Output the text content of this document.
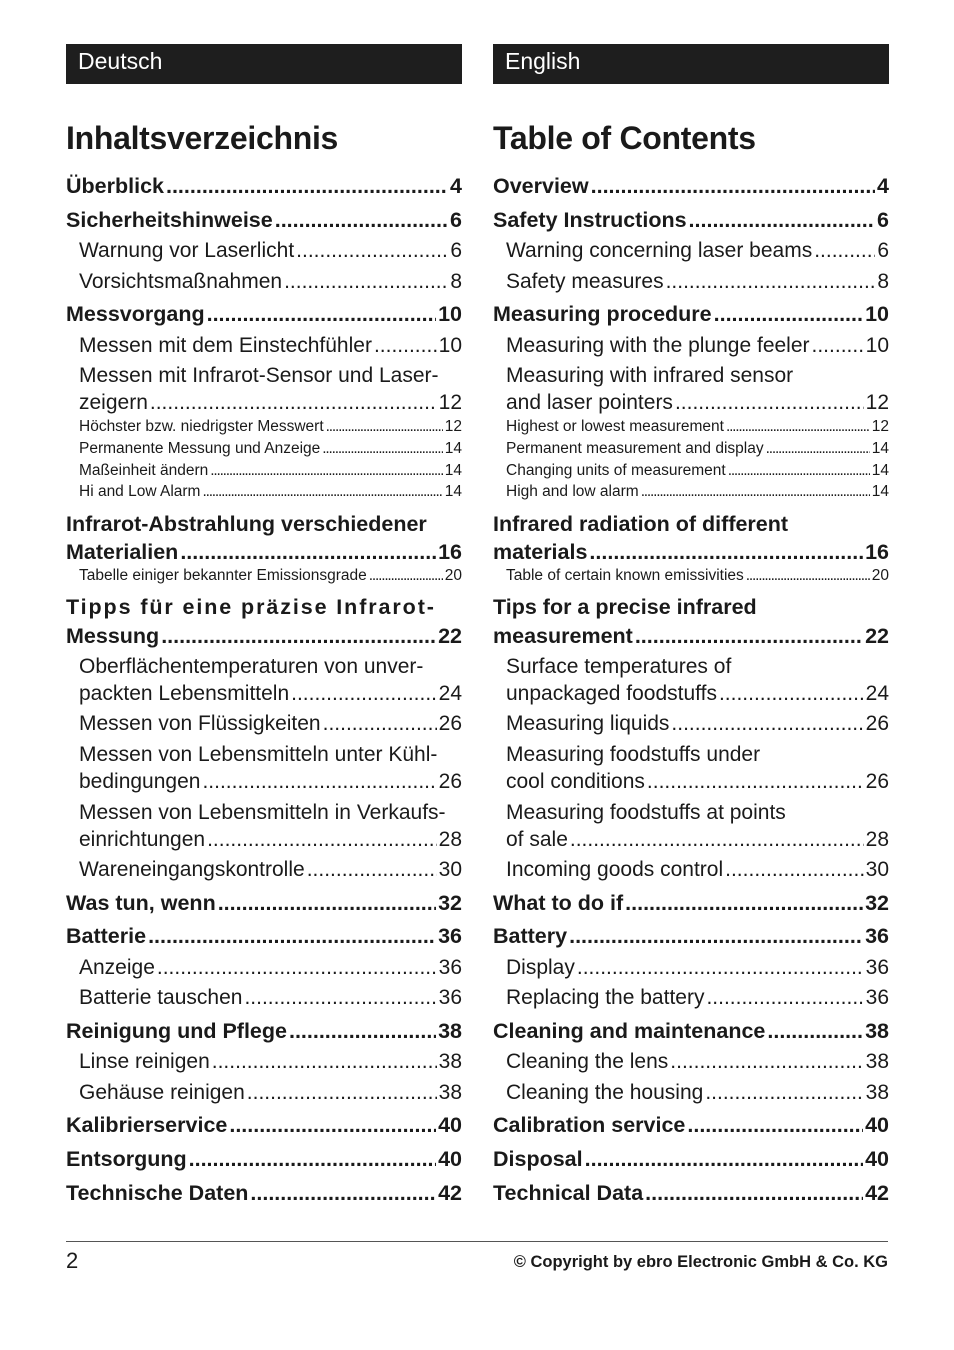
Deutsch
Inhaltsverzeichnis
Überblick .....	4
Sicherheitshinweise .....	6
Warnung vor Laserlicht .....	6
Vorsichtsmaßnahmen .....	8
Messvorgang .....	10
Messen mit dem Einstechfühler .....	10
Messen mit Infrarot-Sensor und Laser-
zeigern .....	12
Höchster bzw. niedrigster Messwert .....	12
Permanente Messung und Anzeige .....	14
Maßeinheit ändern .....	14
Hi and Low Alarm .....	14
Infrarot-Abstrahlung verschiedener
Materialien .....	16
Tabelle einiger bekannter Emissionsgrade .....	20
Tipps für eine präzise Infrarot-
Messung .....	22
Oberflächentemperaturen von unver-
packten Lebensmitteln .....	24
Messen von Flüssigkeiten .....	26
Messen von Lebensmitteln unter Kühl-
bedingungen .....	26
Messen von Lebensmitteln in Verkaufs-
einrichtungen .....	28
Wareneingangskontrolle .....	30
Was tun, wenn .....	32
Batterie .....	36
Anzeige .....	36
Batterie tauschen .....	36
Reinigung und Pflege .....	38
Linse reinigen .....	38
Gehäuse reinigen .....	38
Kalibrierservice .....	40
Entsorgung .....	40
Technische Daten .....	42
English
Table of Contents
Overview .....	4
Safety Instructions .....	6
Warning concerning laser beams .....	6
Safety measures .....	8
Measuring procedure .....	10
Measuring with the plunge feeler .....	10
Measuring with infrared sensor
and laser pointers .....	12
Highest or lowest measurement .....	12
Permanent measurement and display .....	14
Changing units of measurement .....	14
High and low alarm .....	14
Infrared radiation of different
materials .....	16
Table of certain known emissivities .....	20
Tips for a precise infrared
measurement .....	22
Surface temperatures of
unpackaged foodstuffs .....	24
Measuring liquids .....	26
Measuring foodstuffs under
cool conditions .....	26
Measuring foodstuffs at points
of sale .....	28
Incoming goods control .....	30
What to do if .....	32
Battery .....	36
Display .....	36
Replacing the battery .....	36
Cleaning and maintenance .....	38
Cleaning the lens .....	38
Cleaning the housing .....	38
Calibration service .....	40
Disposal .....	40
Technical Data .....	42
2	© Copyright by ebro Electronic GmbH & Co. KG
